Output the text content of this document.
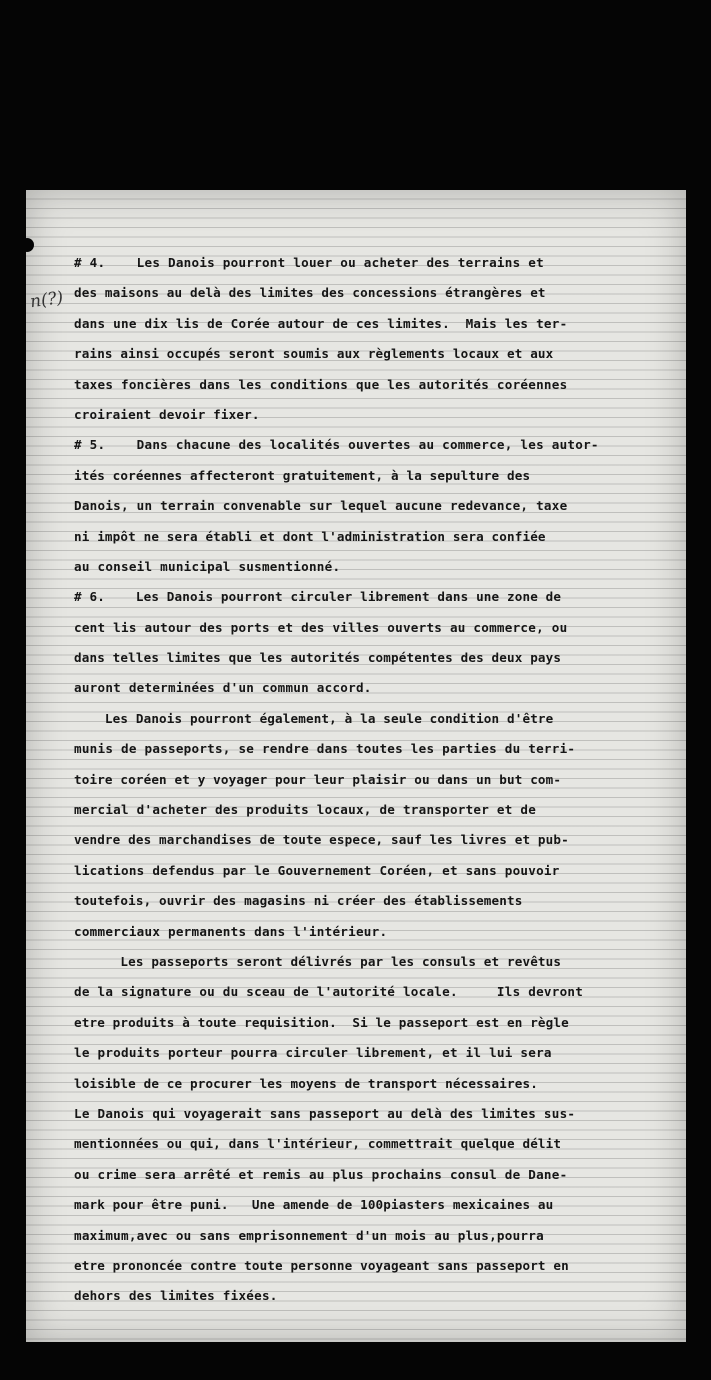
n(?)
# 4.    Les Danois pourront louer ou acheter des terrains et
des maisons au delà des limites des concessions étrangères et
dans une dix lis de Corée autour de ces limites.  Mais les ter-
rains ainsi occupés seront soumis aux règlements locaux et aux
taxes foncières dans les conditions que les autorités coréennes
croiraient devoir fixer.
# 5.    Dans chacune des localités ouvertes au commerce, les autor-
ités coréennes affecteront gratuitement, à la sepulture des
Danois, un terrain convenable sur lequel aucune redevance, taxe
ni impôt ne sera établi et dont l'administration sera confiée
au conseil municipal susmentionné.
# 6.    Les Danois pourront circuler librement dans une zone de
cent lis autour des ports et des villes ouverts au commerce, ou
dans telles limites que les autorités compétentes des deux pays
auront determinées d'un commun accord.
Les Danois pourront également, à la seule condition d'être
munis de passeports, se rendre dans toutes les parties du terri-
toire coréen et y voyager pour leur plaisir ou dans un but com-
mercial d'acheter des produits locaux, de transporter et de
vendre des marchandises de toute espece, sauf les livres et pub-
lications defendus par le Gouvernement Coréen, et sans pouvoir
toutefois, ouvrir des magasins ni créer des établissements
commerciaux permanents dans l'intérieur.
Les passeports seront délivrés par les consuls et revêtus
de la signature ou du sceau de l'autorité locale.     Ils devront
etre produits à toute requisition.  Si le passeport est en règle
le produits porteur pourra circuler librement, et il lui sera
loisible de ce procurer les moyens de transport nécessaires.
Le Danois qui voyagerait sans passeport au delà des limites sus-
mentionnées ou qui, dans l'intérieur, commettrait quelque délit
ou crime sera arrêté et remis au plus prochains consul de Dane-
mark pour être puni.   Une amende de 100piasters mexicaines au
maximum,avec ou sans emprisonnement d'un mois au plus,pourra
etre prononcée contre toute personne voyageant sans passeport en
dehors des limites fixées.
